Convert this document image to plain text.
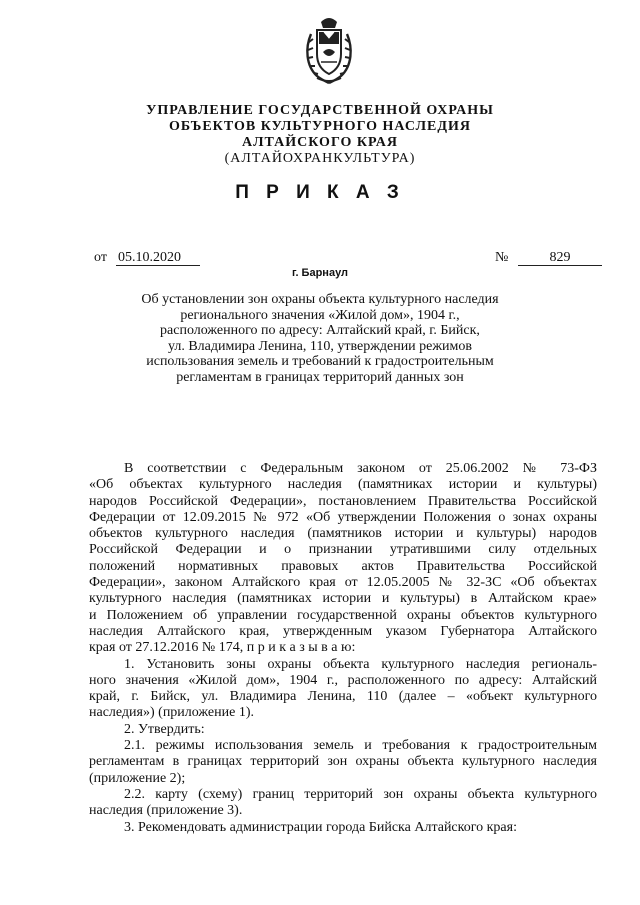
УПРАВЛЕНИЕ ГОСУДАРСТВЕННОЙ ОХРАНЫ
ОБЪЕКТОВ КУЛЬТУРНОГО НАСЛЕДИЯ
АЛТАЙСКОГО КРАЯ
(АЛТАЙОХРАНКУЛЬТУРА)
П Р И К А З
от 05.10.2020	№	829
г. Барнаул
Об установлении зон охраны объекта культурного наследия
регионального значения «Жилой дом», 1904 г.,
расположенного по адресу: Алтайский край, г. Бийск,
ул. Владимира Ленина, 110, утверждении режимов
использования земель и требований к градостроительным
регламентам в границах территорий данных зон
В соответствии с Федеральным законом от 25.06.2002 № 73-ФЗ
«Об объектах культурного наследия (памятниках истории и культуры)
народов Российской Федерации», постановлением Правительства Российской
Федерации от 12.09.2015 № 972 «Об утверждении Положения о зонах охраны
объектов культурного наследия (памятников истории и культуры) народов
Российской Федерации и о признании утратившими силу отдельных
положений нормативных правовых актов Правительства Российской
Федерации», законом Алтайского края от 12.05.2005 № 32-ЗС «Об объектах
культурного наследия (памятниках истории и культуры) в Алтайском крае»
и Положением об управлении государственной охраны объектов культурного
наследия Алтайского края, утвержденным указом Губернатора Алтайского
края от 27.12.2016 № 174, п р и к а з ы в а ю:
1. Установить зоны охраны объекта культурного наследия региональ-
ного значения «Жилой дом», 1904 г., расположенного по адресу: Алтайский
край, г. Бийск, ул. Владимира Ленина, 110 (далее – «объект культурного
наследия») (приложение 1).
2. Утвердить:
2.1. режимы использования земель и требования к градостроительным
регламентам в границах территорий зон охраны объекта культурного наследия
(приложение 2);
2.2. карту (схему) границ территорий зон охраны объекта культурного
наследия (приложение 3).
3. Рекомендовать администрации города Бийска Алтайского края:
